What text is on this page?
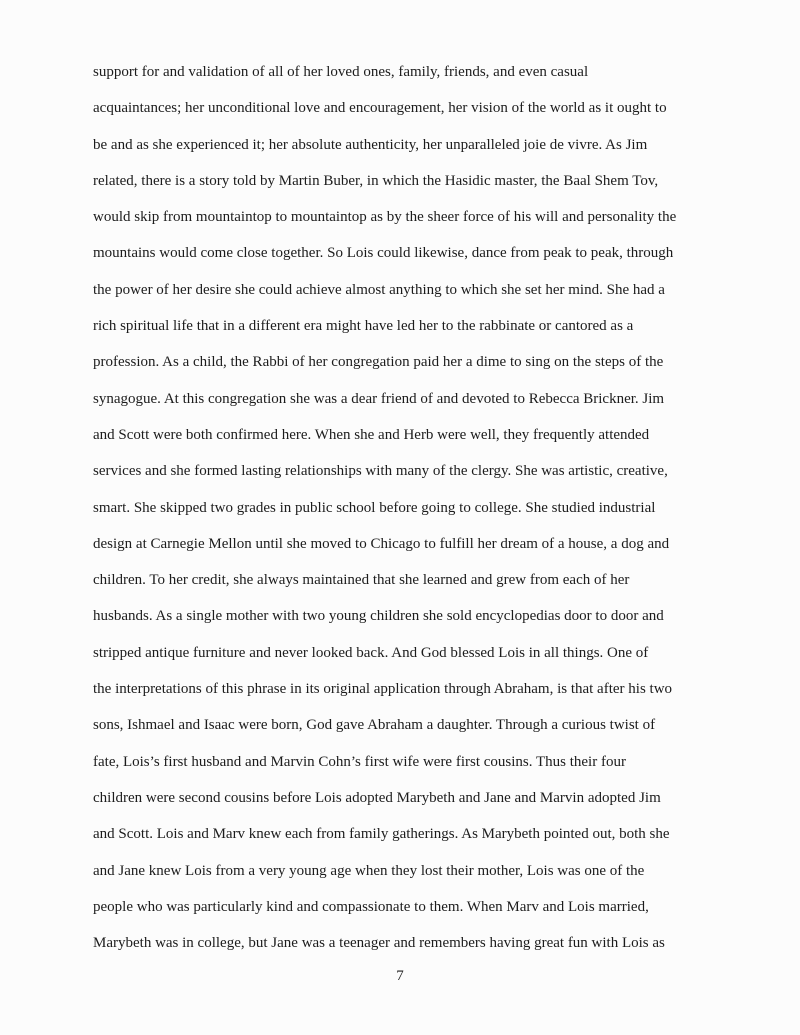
support for and validation of all of her loved ones, family, friends, and even casual
acquaintances; her unconditional love and encouragement, her vision of the world as it ought to
be and as she experienced it; her absolute authenticity, her unparalleled joie de vivre. As Jim
related, there is a story told by Martin Buber, in which the Hasidic master, the Baal Shem Tov,
would skip from mountaintop to mountaintop as by the sheer force of his will and personality the
mountains would come close together. So Lois could likewise, dance from peak to peak, through
the power of her desire she could achieve almost anything to which she set her mind. She had a
rich spiritual life that in a different era might have led her to the rabbinate or cantored as a
profession. As a child, the Rabbi of her congregation paid her a dime to sing on the steps of the
synagogue. At this congregation she was a dear friend of and devoted to Rebecca Brickner. Jim
and Scott were both confirmed here. When she and Herb were well, they frequently attended
services and she formed lasting relationships with many of the clergy. She was artistic, creative,
smart. She skipped two grades in public school before going to college. She studied industrial
design at Carnegie Mellon until she moved to Chicago to fulfill her dream of a house, a dog and
children. To her credit, she always maintained that she learned and grew from each of her
husbands. As a single mother with two young children she sold encyclopedias door to door and
stripped antique furniture and never looked back. And God blessed Lois in all things. One of
the interpretations of this phrase in its original application through Abraham, is that after his two
sons, Ishmael and Isaac were born, God gave Abraham a daughter. Through a curious twist of
fate, Lois’s first husband and Marvin Cohn’s first wife were first cousins. Thus their four
children were second cousins before Lois adopted Marybeth and Jane and Marvin adopted Jim
and Scott. Lois and Marv knew each from family gatherings. As Marybeth pointed out, both she
and Jane knew Lois from a very young age when they lost their mother, Lois was one of the
people who was particularly kind and compassionate to them. When Marv and Lois married,
Marybeth was in college, but Jane was a teenager and remembers having great fun with Lois as
7
